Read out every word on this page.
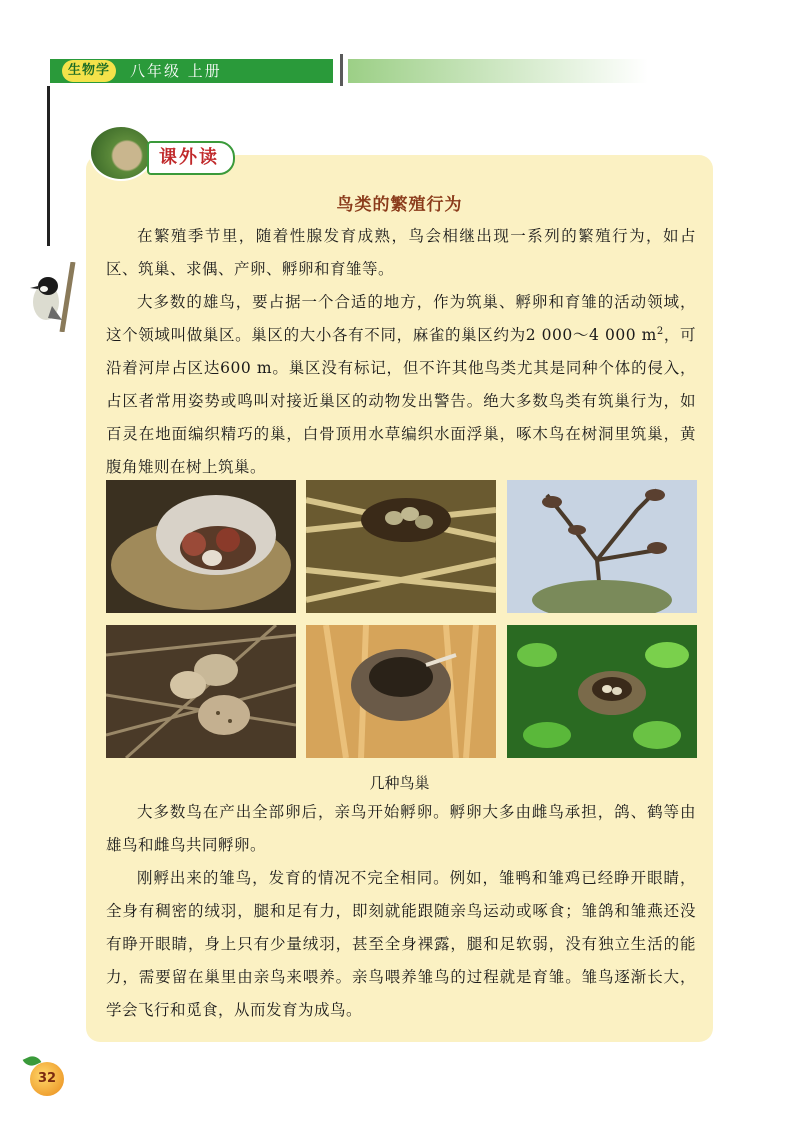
生物学	八年级 上册
课外读
鸟类的繁殖行为

在繁殖季节里，随着性腺发育成熟，鸟会相继出现一系列的繁殖行为，如占区、筑巢、求偶、产卵、孵卵和育雏等。

大多数的雄鸟，要占据一个合适的地方，作为筑巢、孵卵和育雏的活动领域，这个领域叫做巢区。巢区的大小各有不同，麻雀的巢区约为2 000～4 000 $m^2$，可沿着河岸占区达600 m。巢区没有标记，但不许其他鸟类尤其是同种个体的侵入，占区者常用姿势或鸣叫对接近巢区的动物发出警告。绝大多数鸟类有筑巢行为，如百灵在地面编织精巧的巢，白骨顶用水草编织水面浮巢，啄木鸟在树洞里筑巢，黄腹角雉则在树上筑巢。

几种鸟巢

大多数鸟在产出全部卵后，亲鸟开始孵卵。孵卵大多由雌鸟承担，鸽、鹤等由雄鸟和雌鸟共同孵卵。

刚孵出来的雏鸟，发育的情况不完全相同。例如，雏鸭和雏鸡已经睁开眼睛，全身有稠密的绒羽，腿和足有力，即刻就能跟随亲鸟运动或啄食；雏鸽和雏燕还没有睁开眼睛，身上只有少量绒羽，甚至全身裸露，腿和足软弱，没有独立生活的能力，需要留在巢里由亲鸟来喂养。亲鸟喂养雏鸟的过程就是育雏。雏鸟逐渐长大，学会飞行和觅食，从而发育为成鸟。

32
